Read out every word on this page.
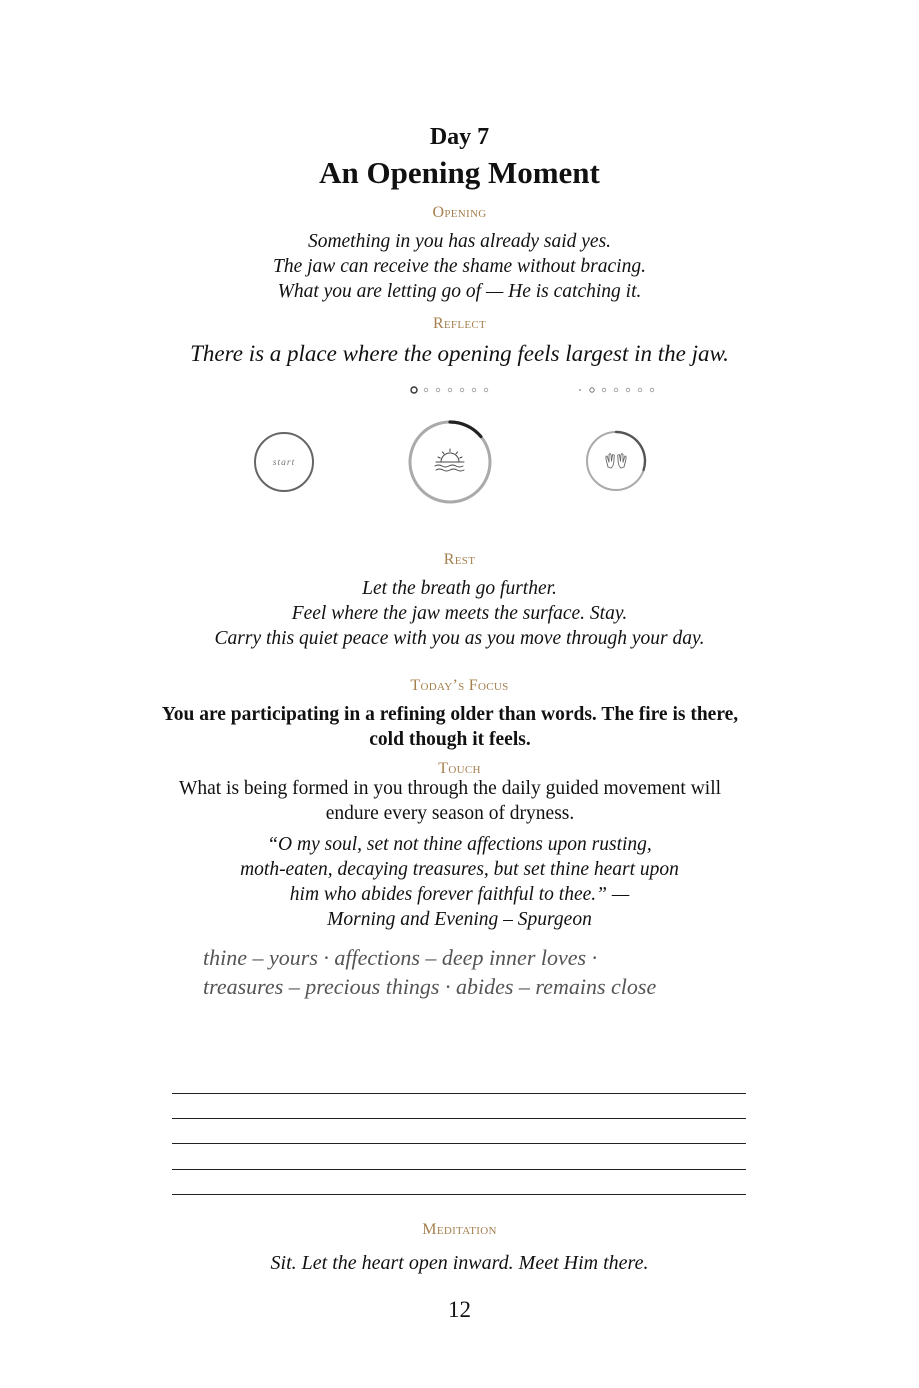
Day 7
An Opening Moment
Opening
Something in you has already said yes.
The jaw can receive the shame without bracing.
What you are letting go of — He is catching it.
Reflect
There is a place where the opening feels largest in the jaw.
start
Rest
Let the breath go further.
Feel where the jaw meets the surface. Stay.
Carry this quiet peace with you as you move through your day.
Today’s Focus
You are participating in a refining older than words. The fire is there, cold though it feels.
Touch
What is being formed in you through the daily guided movement will endure every season of dryness.
“O my soul, set not thine affections upon rusting,
moth-eaten, decaying treasures, but set thine heart upon
him who abides forever faithful to thee.” —
Morning and Evening – Spurgeon
thine – yours · affections – deep inner loves ·
treasures – precious things · abides – remains close
Meditation
Sit. Let the heart open inward. Meet Him there.
12
